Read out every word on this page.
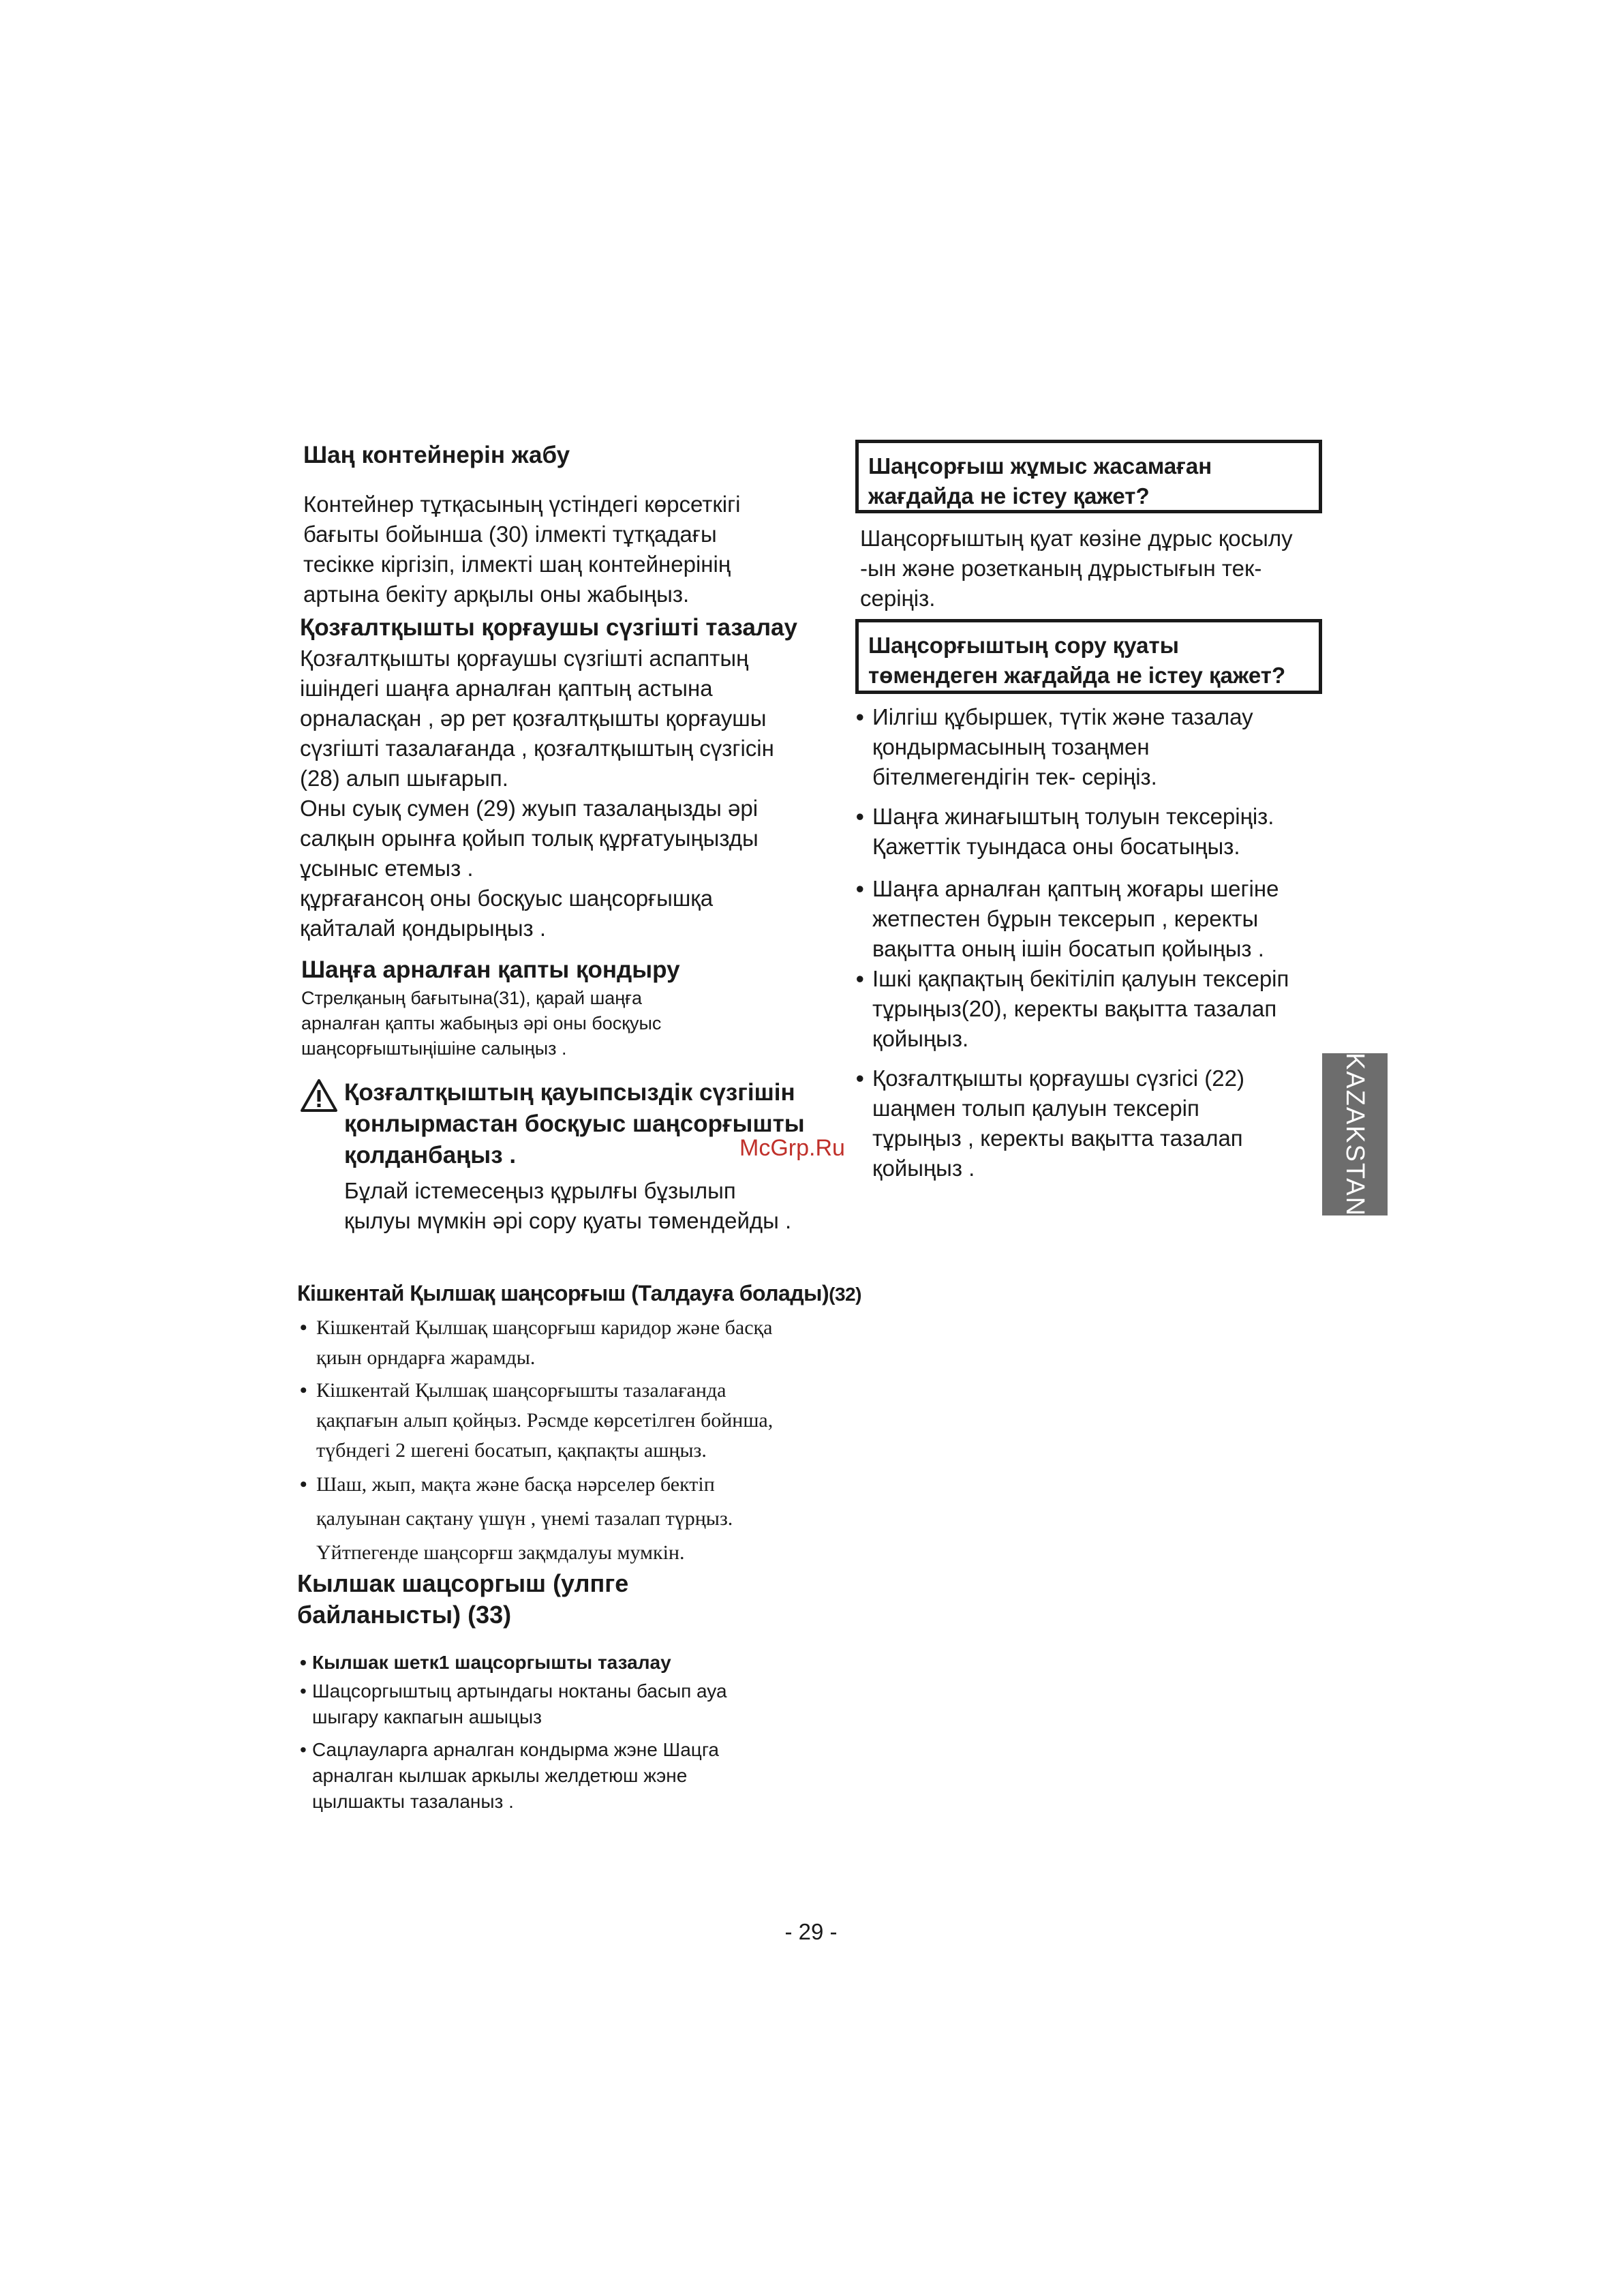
Шаң контейнерін жабу

Контейнер тұтқасының үстіндегі көрсеткігі

бағыты бойынша (30) ілмекті тұтқадағы

тесікке кіргізіп, ілмекті шаң контейнерінің

артына бекіту арқылы оны жабыңыз.

Қозғалтқышты қорғаушы сүзгішті тазалау

Қозғалтқышты қорғаушы сүзгішті аспаптың

ішіндегі шаңға арналған қаптың астына

орналасқан , әр рет қозғалтқышты қорғаушы

сүзгішті тазалағанда , қозғалтқыштың сүзгісін

(28) алып шығарып.

Оны суық сумен (29) жуып тазалаңызды әрі

салқын орынға қойып толық құрғатуыңызды

ұсыныс етемыз .

құрғағансоң оны босқуыс шаңсорғышқа

қайталай қондырыңыз .

Шаңға арналған қапты қондыру

Стрелқаның бағытына(31), қарай шаңға

арналған қапты жабыңыз әрі оны босқуыс

шаңсорғыштыңішіне салыңыз .

Қозғалтқыштың қауыпсыздік сүзгішін

қонлырмастан босқуыс шаңсорғышты

қолданбаңыз .

Бұлай істемесеңыз құрылғы бұзылып

қылуы мүмкін әрі сору қуаты төмендейды .

Кішкентай Қылшақ шаңсорғыш (Талдауға болады)(32)

• Кішкентай Қылшақ шаңсорғыш каридор және басқа
қиын орндарға жарамды.
• Кішкентай Қылшақ шаңсорғышты тазалағанда
қақпағын алып қойңыз. Рәсмде көрсетілген бойнша,
түбндегі 2 шегені босатып, қақпақты ашңыз.
• Шаш, жып, мақта және басқа нәрселер бектіп
қалуынан сақтану үшүн , үнемі тазалап түрңыз.
Үйтпегенде шаңсорғш зақмдалуы мумкін.

Кылшак шацсоргыш (улпге

байланысты) (33)

• Кылшак шетк1 шацсоргышты тазалау
• Шацсоргыштыц артындагы ноктаны басып ауа
шыгару какпагын ашыцыз
• Сацлауларга арналган кондырма жэне Шацга
арналган кылшак аркылы желдетюш жэне
цылшакты тазаланыз .

Шаңсорғыш жұмыс жасамаған

жағдайда не істеу қажет?

Шаңсорғыштың қуат көзіне дұрыс қосылу

-ын және розетканың дұрыстығын тек-

серіңіз.

Шаңсорғыштың сору қуаты

төмендеген жағдайда не істеу қажет?

• Иілгіш құбыршек, түтік және тазалау
қондырмасының тозаңмен
бітелмегендігін тек- серіңіз.
• Шаңға жинағыштың толуын тексеріңіз.
Қажеттік туындаса оны босатыңыз.
• Шаңға арналған қаптың жоғары шегіне
жетпестен бұрын тексерып , керекты
вақытта оның ішін босатып қойыңыз .
• Ішкі қақпақтың бекітіліп қалуын тексеріп
тұрыңыз(20), керекты вақытта тазалап
қойыңыз.
• Қозғалтқышты қорғаушы сүзгісі (22)
шаңмен толып қалуын тексеріп
тұрыңыз , керекты вақытта тазалап
қойыңыз .
McGrp.Ru	KAZAKSTAN
- 29 -
